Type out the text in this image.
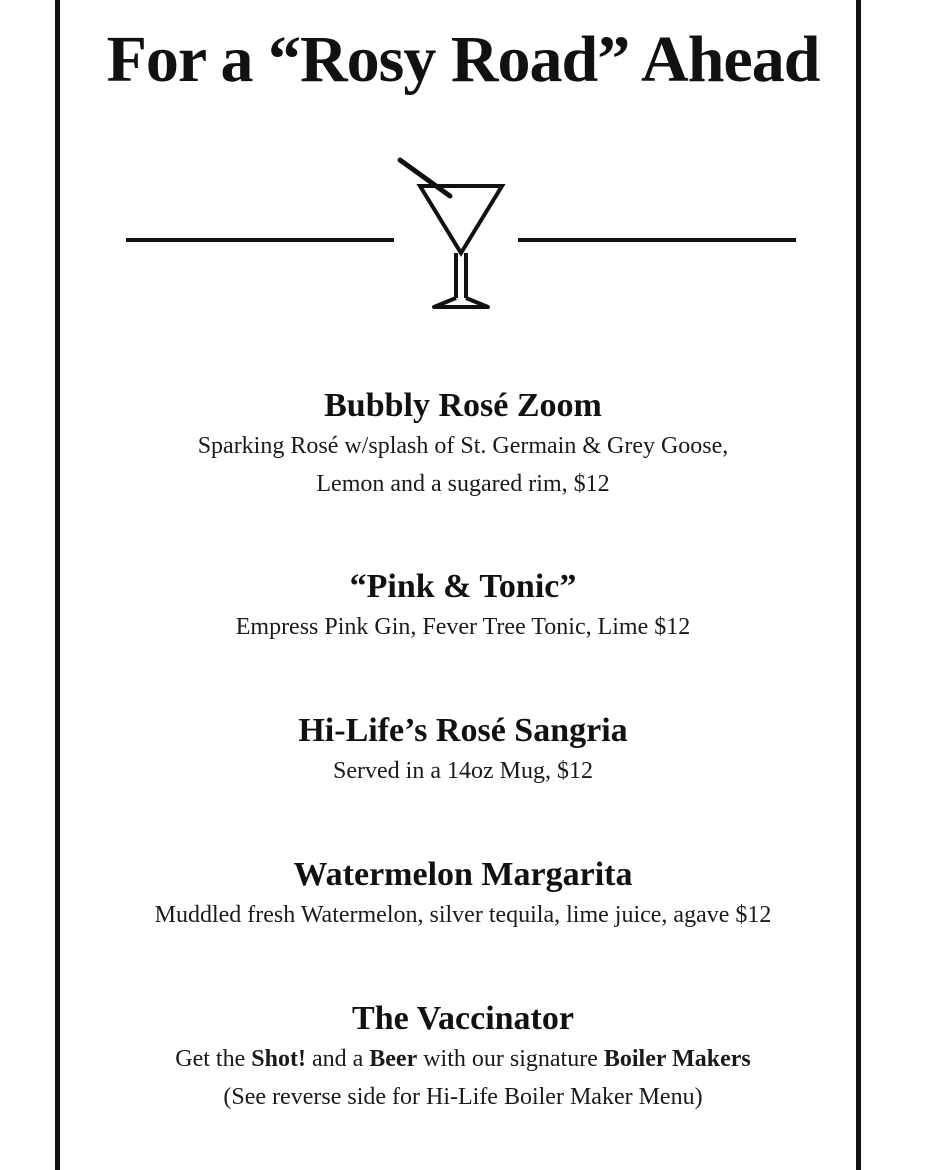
For a “Rosy Road” Ahead
Bubbly Rosé Zoom
Sparking Rosé w/splash of St. Germain & Grey Goose,
Lemon and a sugared rim, $12
“Pink & Tonic”
Empress Pink Gin, Fever Tree Tonic, Lime $12
Hi-Life’s Rosé Sangria
Served in a 14oz Mug, $12
Watermelon Margarita
Muddled fresh Watermelon, silver tequila, lime juice, agave $12
The Vaccinator
Get the Shot! and a Beer with our signature Boiler Makers
(See reverse side for Hi-Life Boiler Maker Menu)
